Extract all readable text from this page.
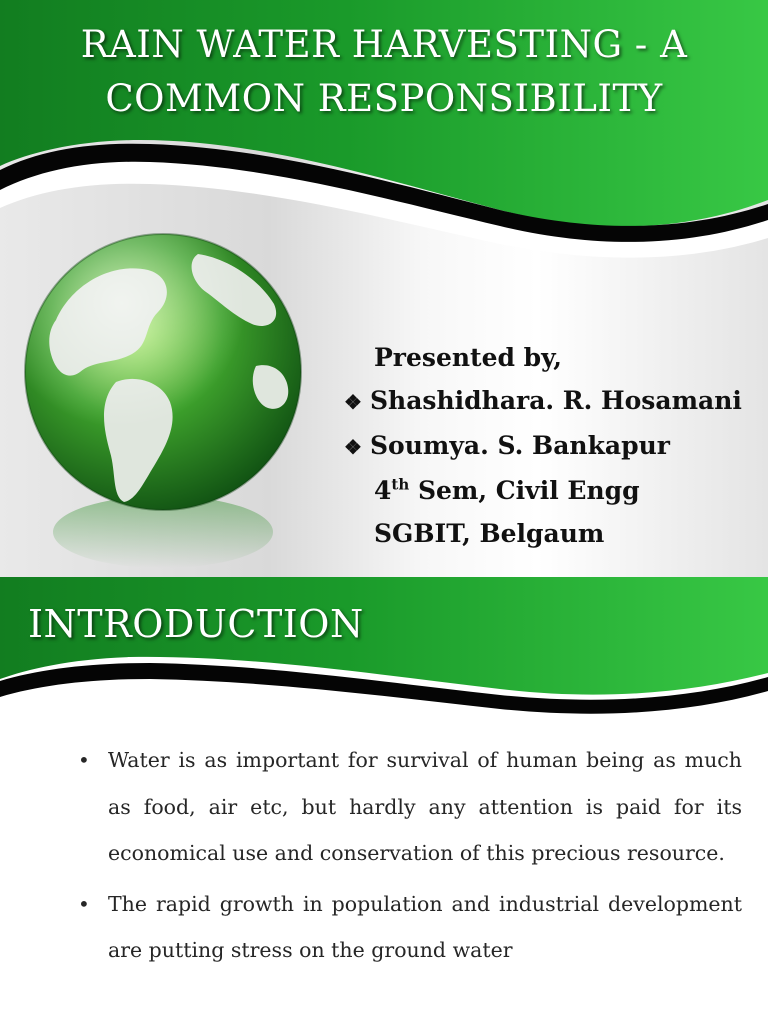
RAIN WATER HARVESTING - A
COMMON RESPONSIBILITY
Presented by,
❖ Shashidhara. R. Hosamani
❖ Soumya. S. Bankapur
4th Sem, Civil Engg
SGBIT, Belgaum
INTRODUCTION
• Water is as important for survival of human being as much as food, air etc, but hardly any attention is paid for its economical use and conservation of this precious resource.
• The rapid growth in population and industrial development are putting stress on the ground water
